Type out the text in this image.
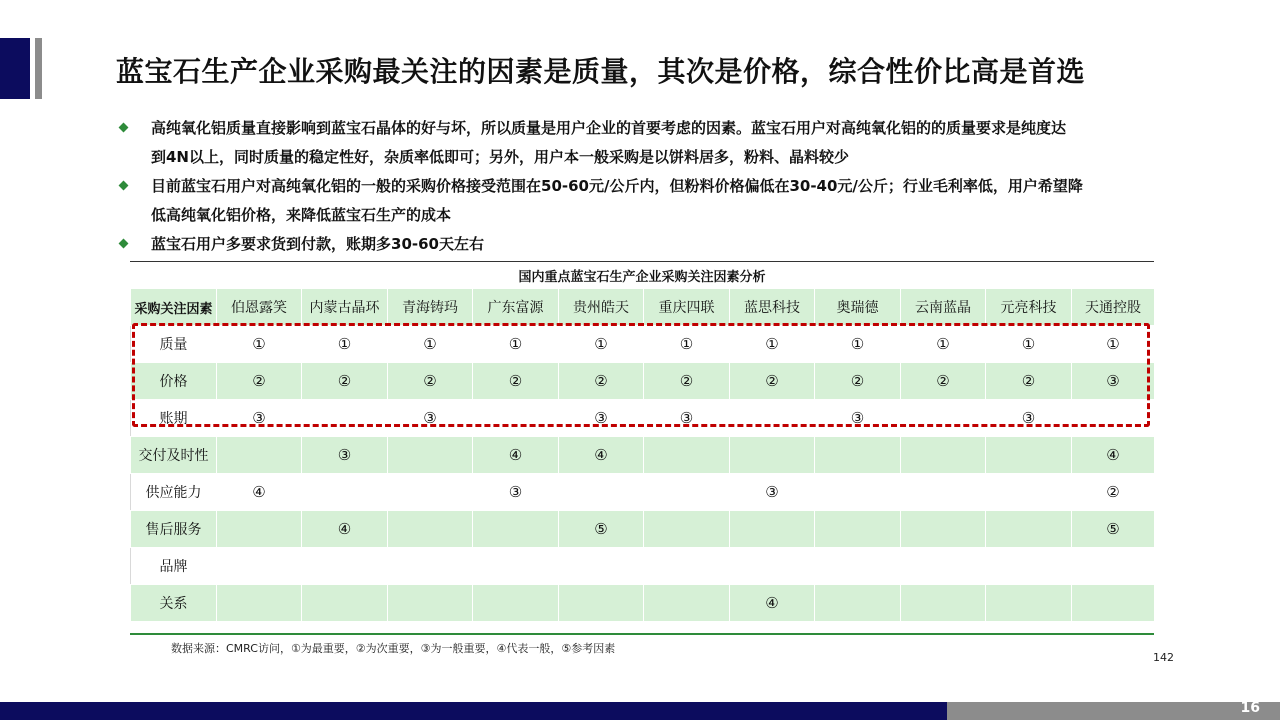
蓝宝石生产企业采购最关注的因素是质量，其次是价格，综合性价比高是首选
高纯氧化铝质量直接影响到蓝宝石晶体的好与坏，所以质量是用户企业的首要考虑的因素。蓝宝石用户对高纯氧化铝的的质量要求是纯度达
到4N以上，同时质量的稳定性好，杂质率低即可；另外，用户本一般采购是以饼料居多，粉料、晶料较少
目前蓝宝石用户对高纯氧化铝的一般的采购价格接受范围在50-60元/公斤内，但粉料价格偏低在30-40元/公斤；行业毛利率低，用户希望降
低高纯氧化铝价格，来降低蓝宝石生产的成本
蓝宝石用户多要求货到付款，账期多30-60天左右
国内重点蓝宝石生产企业采购关注因素分析
采购关注因素	伯恩露笑	内蒙古晶环	青海铸玛	广东富源	贵州皓天	重庆四联	蓝思科技	奥瑞德	云南蓝晶	元亮科技	天通控股
质量	①	①	①	①	①	①	①	①	①	①	①
价格	②	②	②	②	②	②	②	②	②	②	③
账期	③		③		③	③		③		③	
交付及时性		③		④	④						④
供应能力	④			③			③				②
售后服务		④			⑤						⑤
品牌											
关系							④				
数据来源：CMRC访问，①为最重要，②为次重要，③为一般重要，④代表一般，⑤参考因素
142
16
